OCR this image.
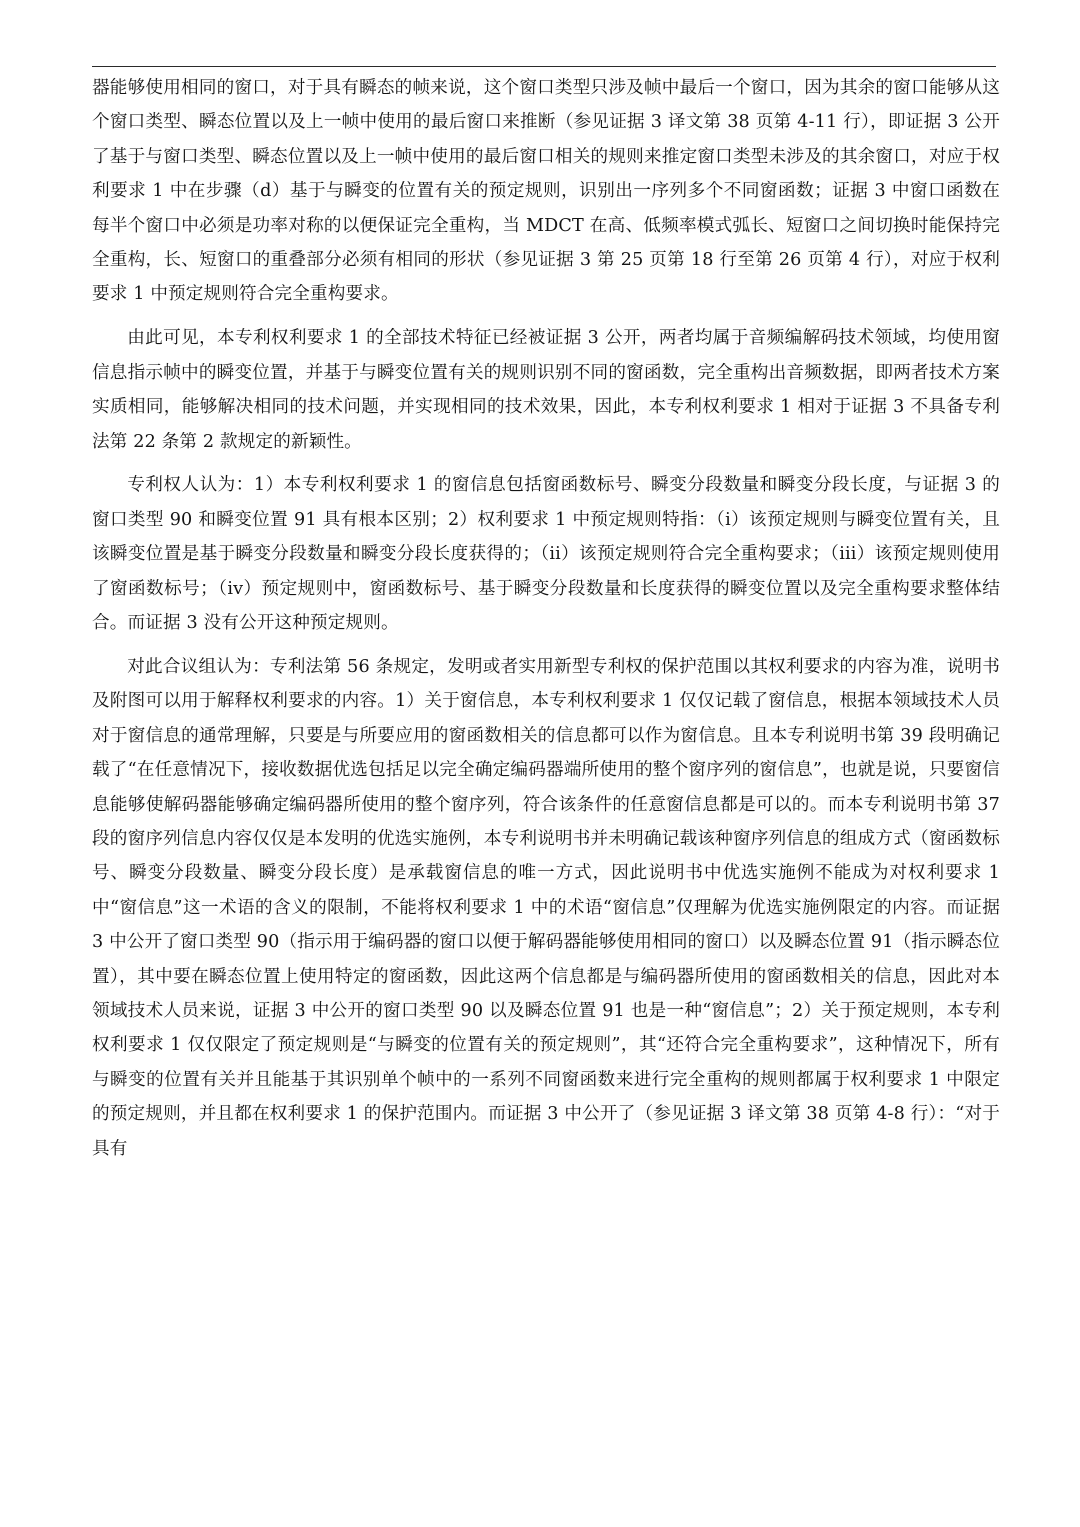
器能够使用相同的窗口，对于具有瞬态的帧来说，这个窗口类型只涉及帧中最后一个窗口，因为其余的窗口能够从这个窗口类型、瞬态位置以及上一帧中使用的最后窗口来推断（参见证据 3 译文第 38 页第 4-11 行），即证据 3 公开了基于与窗口类型、瞬态位置以及上一帧中使用的最后窗口相关的规则来推定窗口类型未涉及的其余窗口，对应于权利要求 1 中在步骤（d）基于与瞬变的位置有关的预定规则，识别出一序列多个不同窗函数；证据 3 中窗口函数在每半个窗口中必须是功率对称的以便保证完全重构，当 MDCT 在高、低频率模式弧长、短窗口之间切换时能保持完全重构，长、短窗口的重叠部分必须有相同的形状（参见证据 3 第 25 页第 18 行至第 26 页第 4 行），对应于权利要求 1 中预定规则符合完全重构要求。

由此可见，本专利权利要求 1 的全部技术特征已经被证据 3 公开，两者均属于音频编解码技术领域，均使用窗信息指示帧中的瞬变位置，并基于与瞬变位置有关的规则识别不同的窗函数，完全重构出音频数据，即两者技术方案实质相同，能够解决相同的技术问题，并实现相同的技术效果，因此，本专利权利要求 1 相对于证据 3 不具备专利法第 22 条第 2 款规定的新颖性。

专利权人认为：1）本专利权利要求 1 的窗信息包括窗函数标号、瞬变分段数量和瞬变分段长度，与证据 3 的窗口类型 90 和瞬变位置 91 具有根本区别；2）权利要求 1 中预定规则特指：（i）该预定规则与瞬变位置有关，且该瞬变位置是基于瞬变分段数量和瞬变分段长度获得的；（ii）该预定规则符合完全重构要求；（iii）该预定规则使用了窗函数标号；（iv）预定规则中，窗函数标号、基于瞬变分段数量和长度获得的瞬变位置以及完全重构要求整体结合。而证据 3 没有公开这种预定规则。

对此合议组认为：专利法第 56 条规定，发明或者实用新型专利权的保护范围以其权利要求的内容为准，说明书及附图可以用于解释权利要求的内容。1）关于窗信息，本专利权利要求 1 仅仅记载了窗信息，根据本领域技术人员对于窗信息的通常理解，只要是与所要应用的窗函数相关的信息都可以作为窗信息。且本专利说明书第 39 段明确记载了“在任意情况下，接收数据优选包括足以完全确定编码器端所使用的整个窗序列的窗信息”，也就是说，只要窗信息能够使解码器能够确定编码器所使用的整个窗序列，符合该条件的任意窗信息都是可以的。而本专利说明书第 37 段的窗序列信息内容仅仅是本发明的优选实施例，本专利说明书并未明确记载该种窗序列信息的组成方式（窗函数标号、瞬变分段数量、瞬变分段长度）是承载窗信息的唯一方式，因此说明书中优选实施例不能成为对权利要求 1 中“窗信息”这一术语的含义的限制，不能将权利要求 1 中的术语“窗信息”仅理解为优选实施例限定的内容。而证据 3 中公开了窗口类型 90（指示用于编码器的窗口以便于解码器能够使用相同的窗口）以及瞬态位置 91（指示瞬态位置），其中要在瞬态位置上使用特定的窗函数，因此这两个信息都是与编码器所使用的窗函数相关的信息，因此对本领域技术人员来说，证据 3 中公开的窗口类型 90 以及瞬态位置 91 也是一种“窗信息”；2）关于预定规则，本专利权利要求 1 仅仅限定了预定规则是“与瞬变的位置有关的预定规则”，其“还符合完全重构要求”，这种情况下，所有与瞬变的位置有关并且能基于其识别单个帧中的一系列不同窗函数来进行完全重构的规则都属于权利要求 1 中限定的预定规则，并且都在权利要求 1 的保护范围内。而证据 3 中公开了（参见证据 3 译文第 38 页第 4-8 行）：“对于具有
